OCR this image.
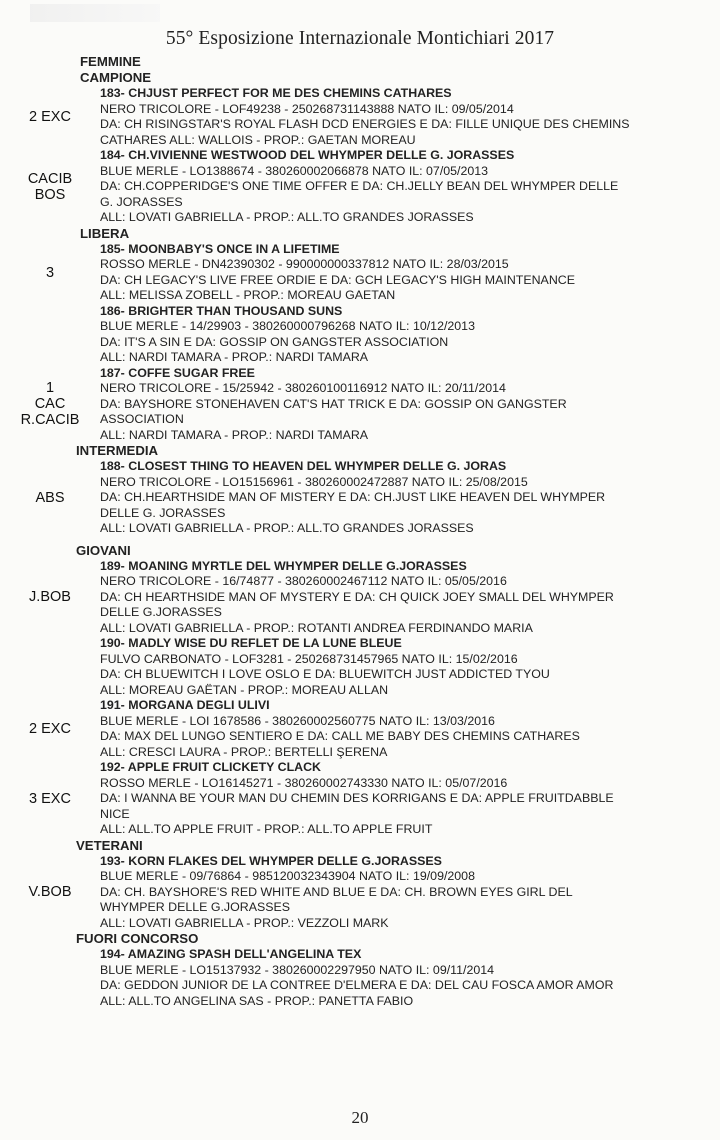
55° Esposizione Internazionale Montichiari 2017
FEMMINE
CAMPIONE
2 EXC
183- CHJUST PERFECT FOR ME DES CHEMINS CATHARES
NERO TRICOLORE - LOF49238 - 250268731143888 NATO IL: 09/05/2014
DA: CH RISINGSTAR'S ROYAL FLASH DCD ENERGIES E DA: FILLE UNIQUE DES CHEMINS
CATHARES ALL: WALLOIS - PROP.: GAETAN MOREAU
CACIB
BOS
184- CH.VIVIENNE WESTWOOD DEL WHYMPER DELLE G. JORASSES
BLUE MERLE - LO1388674 - 380260002066878 NATO IL: 07/05/2013
DA: CH.COPPERIDGE'S ONE TIME OFFER E DA: CH.JELLY BEAN DEL WHYMPER DELLE
G. JORASSES
ALL: LOVATI GABRIELLA - PROP.: ALL.TO GRANDES JORASSES
LIBERA
3
185- MOONBABY'S ONCE IN A LIFETIME
ROSSO MERLE - DN42390302 - 990000000337812 NATO IL: 28/03/2015
DA: CH LEGACY'S LIVE FREE ORDIE E DA: GCH LEGACY'S HIGH MAINTENANCE
ALL: MELISSA ZOBELL - PROP.: MOREAU GAETAN
186- BRIGHTER THAN THOUSAND SUNS
BLUE MERLE - 14/29903 - 380260000796268 NATO IL: 10/12/2013
DA: IT'S A SIN E DA: GOSSIP ON GANGSTER ASSOCIATION
ALL: NARDI TAMARA - PROP.: NARDI TAMARA
1
CAC
R.CACIB
187- COFFE SUGAR FREE
NERO TRICOLORE - 15/25942 - 380260100116912 NATO IL: 20/11/2014
DA: BAYSHORE STONEHAVEN CAT'S HAT TRICK E DA: GOSSIP ON GANGSTER
ASSOCIATION
ALL: NARDI TAMARA - PROP.: NARDI TAMARA
INTERMEDIA
ABS
188- CLOSEST THING TO HEAVEN DEL WHYMPER DELLE G. JORAS
NERO TRICOLORE - LO15156961 - 380260002472887 NATO IL: 25/08/2015
DA: CH.HEARTHSIDE MAN OF MISTERY E DA: CH.JUST LIKE HEAVEN DEL WHYMPER
DELLE G. JORASSES
ALL: LOVATI GABRIELLA - PROP.: ALL.TO GRANDES JORASSES
GIOVANI
J.BOB
189- MOANING MYRTLE DEL WHYMPER DELLE G.JORASSES
NERO TRICOLORE - 16/74877 - 380260002467112 NATO IL: 05/05/2016
DA: CH HEARTHSIDE MAN OF MYSTERY E DA: CH QUICK JOEY SMALL DEL WHYMPER
DELLE G.JORASSES
ALL: LOVATI GABRIELLA - PROP.: ROTANTI ANDREA FERDINANDO MARIA
190- MADLY WISE DU REFLET DE LA LUNE BLEUE
FULVO CARBONATO - LOF3281 - 250268731457965 NATO IL: 15/02/2016
DA: CH BLUEWITCH I LOVE OSLO E DA: BLUEWITCH JUST ADDICTED TYOU
ALL: MOREAU GAËTAN - PROP.: MOREAU ALLAN
2 EXC
191- MORGANA DEGLI ULIVI
BLUE MERLE - LOI 1678586 - 380260002560775 NATO IL: 13/03/2016
DA: MAX DEL LUNGO SENTIERO E DA: CALL ME BABY DES CHEMINS CATHARES
ALL: CRESCI LAURA - PROP.: BERTELLI ŞERENA
3 EXC
192- APPLE FRUIT CLICKETY CLACK
ROSSO MERLE - LO16145271 - 380260002743330 NATO IL: 05/07/2016
DA: I WANNA BE YOUR MAN DU CHEMIN DES KORRIGANS E DA: APPLE FRUITDABBLE
NICE
ALL: ALL.TO APPLE FRUIT - PROP.: ALL.TO APPLE FRUIT
VETERANI
V.BOB
193- KORN FLAKES DEL WHYMPER DELLE G.JORASSES
BLUE MERLE - 09/76864 - 985120032343904 NATO IL: 19/09/2008
DA: CH. BAYSHORE'S RED WHITE AND BLUE E DA: CH. BROWN EYES GIRL DEL
WHYMPER DELLE G.JORASSES
ALL: LOVATI GABRIELLA - PROP.: VEZZOLI MARK
FUORI CONCORSO
194- AMAZING SPASH DELL'ANGELINA TEX
BLUE MERLE - LO15137932 - 380260002297950 NATO IL: 09/11/2014
DA: GEDDON JUNIOR DE LA CONTREE D'ELMERA E DA: DEL CAU FOSCA AMOR AMOR
ALL: ALL.TO ANGELINA SAS - PROP.: PANETTA FABIO
20
